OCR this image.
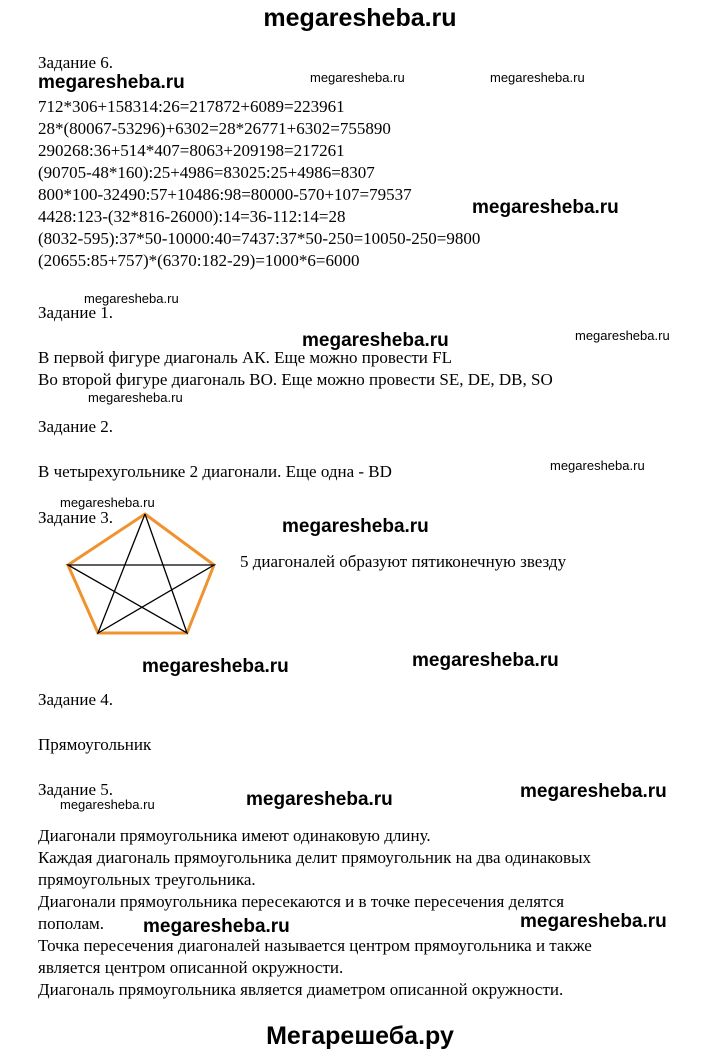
megaresheba.ru
Задание 6.
712*306+158314:26=217872+6089=223961
28*(80067-53296)+6302=28*26771+6302=755890
290268:36+514*407=8063+209198=217261
(90705-48*160):25+4986=83025:25+4986=8307
800*100-32490:57+10486:98=80000-570+107=79537
4428:123-(32*816-26000):14=36-112:14=28
(8032-595):37*50-10000:40=7437:37*50-250=10050-250=9800
(20655:85+757)*(6370:182-29)=1000*6=6000
Задание 1.
В первой фигуре диагональ АК. Еще можно провести FL
Во второй фигуре диагональ ВО. Еще можно провести SE, DE, DB, SO
Задание 2.
В четырехугольнике 2 диагонали. Еще одна - ВD
Задание 3.
5 диагоналей образуют пятиконечную звезду
Задание 4.
Прямоугольник
Задание 5.
Диагонали прямоугольника имеют одинаковую длину.
Каждая диагональ прямоугольника делит прямоугольник на два одинаковых
прямоугольных треугольника.
Диагонали прямоугольника пересекаются и в точке пересечения делятся
пополам.
Точка пересечения диагоналей называется центром прямоугольника и также
является центром описанной окружности.
Диагональ прямоугольника является диаметром описанной окружности.
megaresheba.ru	megaresheba.ru	megaresheba.ru
megaresheba.ru
megaresheba.ru
megaresheba.ru	megaresheba.ru
megaresheba.ru
megaresheba.ru
megaresheba.ru
megaresheba.ru
megaresheba.ru	megaresheba.ru
megaresheba.ru	megaresheba.ru	megaresheba.ru
megaresheba.ru	megaresheba.ru
Мегарешеба.ру
